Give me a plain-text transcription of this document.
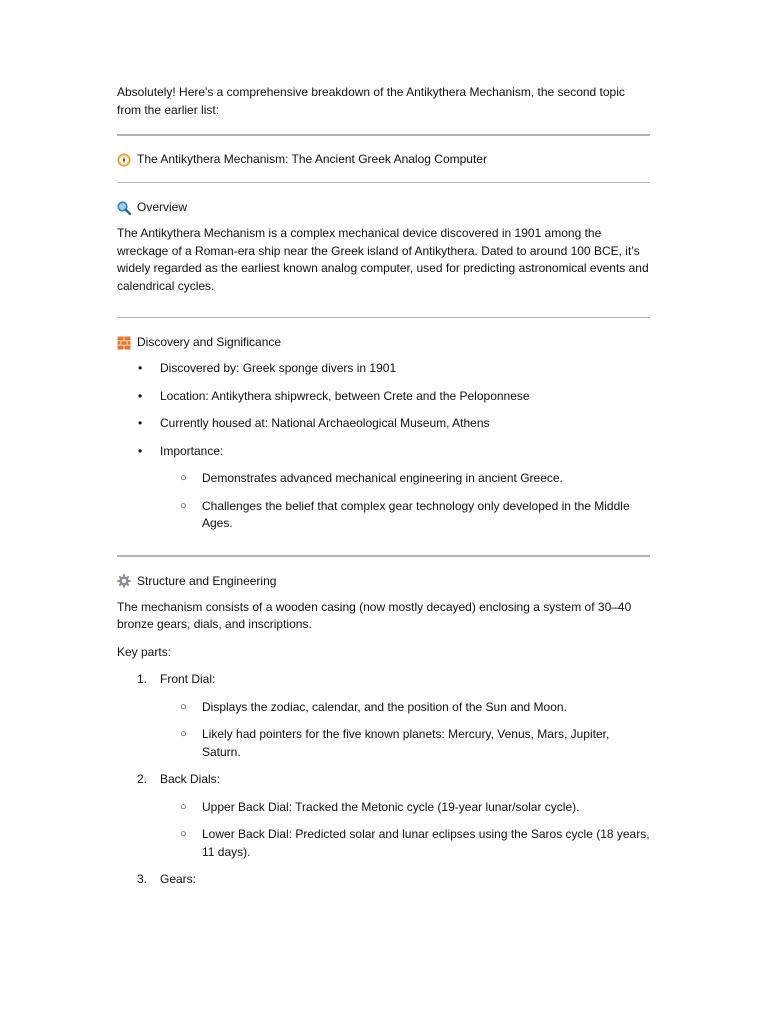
Absolutely! Here's a comprehensive breakdown of the Antikythera Mechanism, the second topic from the earlier list:

The Antikythera Mechanism: The Ancient Greek Analog Computer
Overview

The Antikythera Mechanism is a complex mechanical device discovered in 1901 among the wreckage of a Roman-era ship near the Greek island of Antikythera. Dated to around 100 BCE, it’s widely regarded as the earliest known analog computer, used for predicting astronomical events and calendrical cycles.

Discovery and Significance
• Discovered by: Greek sponge divers in 1901
• Location: Antikythera shipwreck, between Crete and the Peloponnese
• Currently housed at: National Archaeological Museum, Athens
• Importance:
○ Demonstrates advanced mechanical engineering in ancient Greece.
○ Challenges the belief that complex gear technology only developed in the Middle Ages.
Structure and Engineering

The mechanism consists of a wooden casing (now mostly decayed) enclosing a system of 30–40 bronze gears, dials, and inscriptions.

Key parts:

1. Front Dial:
○ Displays the zodiac, calendar, and the position of the Sun and Moon.
○ Likely had pointers for the five known planets: Mercury, Venus, Mars, Jupiter, Saturn.
2. Back Dials:
○ Upper Back Dial: Tracked the Metonic cycle (19-year lunar/solar cycle).
○ Lower Back Dial: Predicted solar and lunar eclipses using the Saros cycle (18 years, 11 days).
3. Gears:
